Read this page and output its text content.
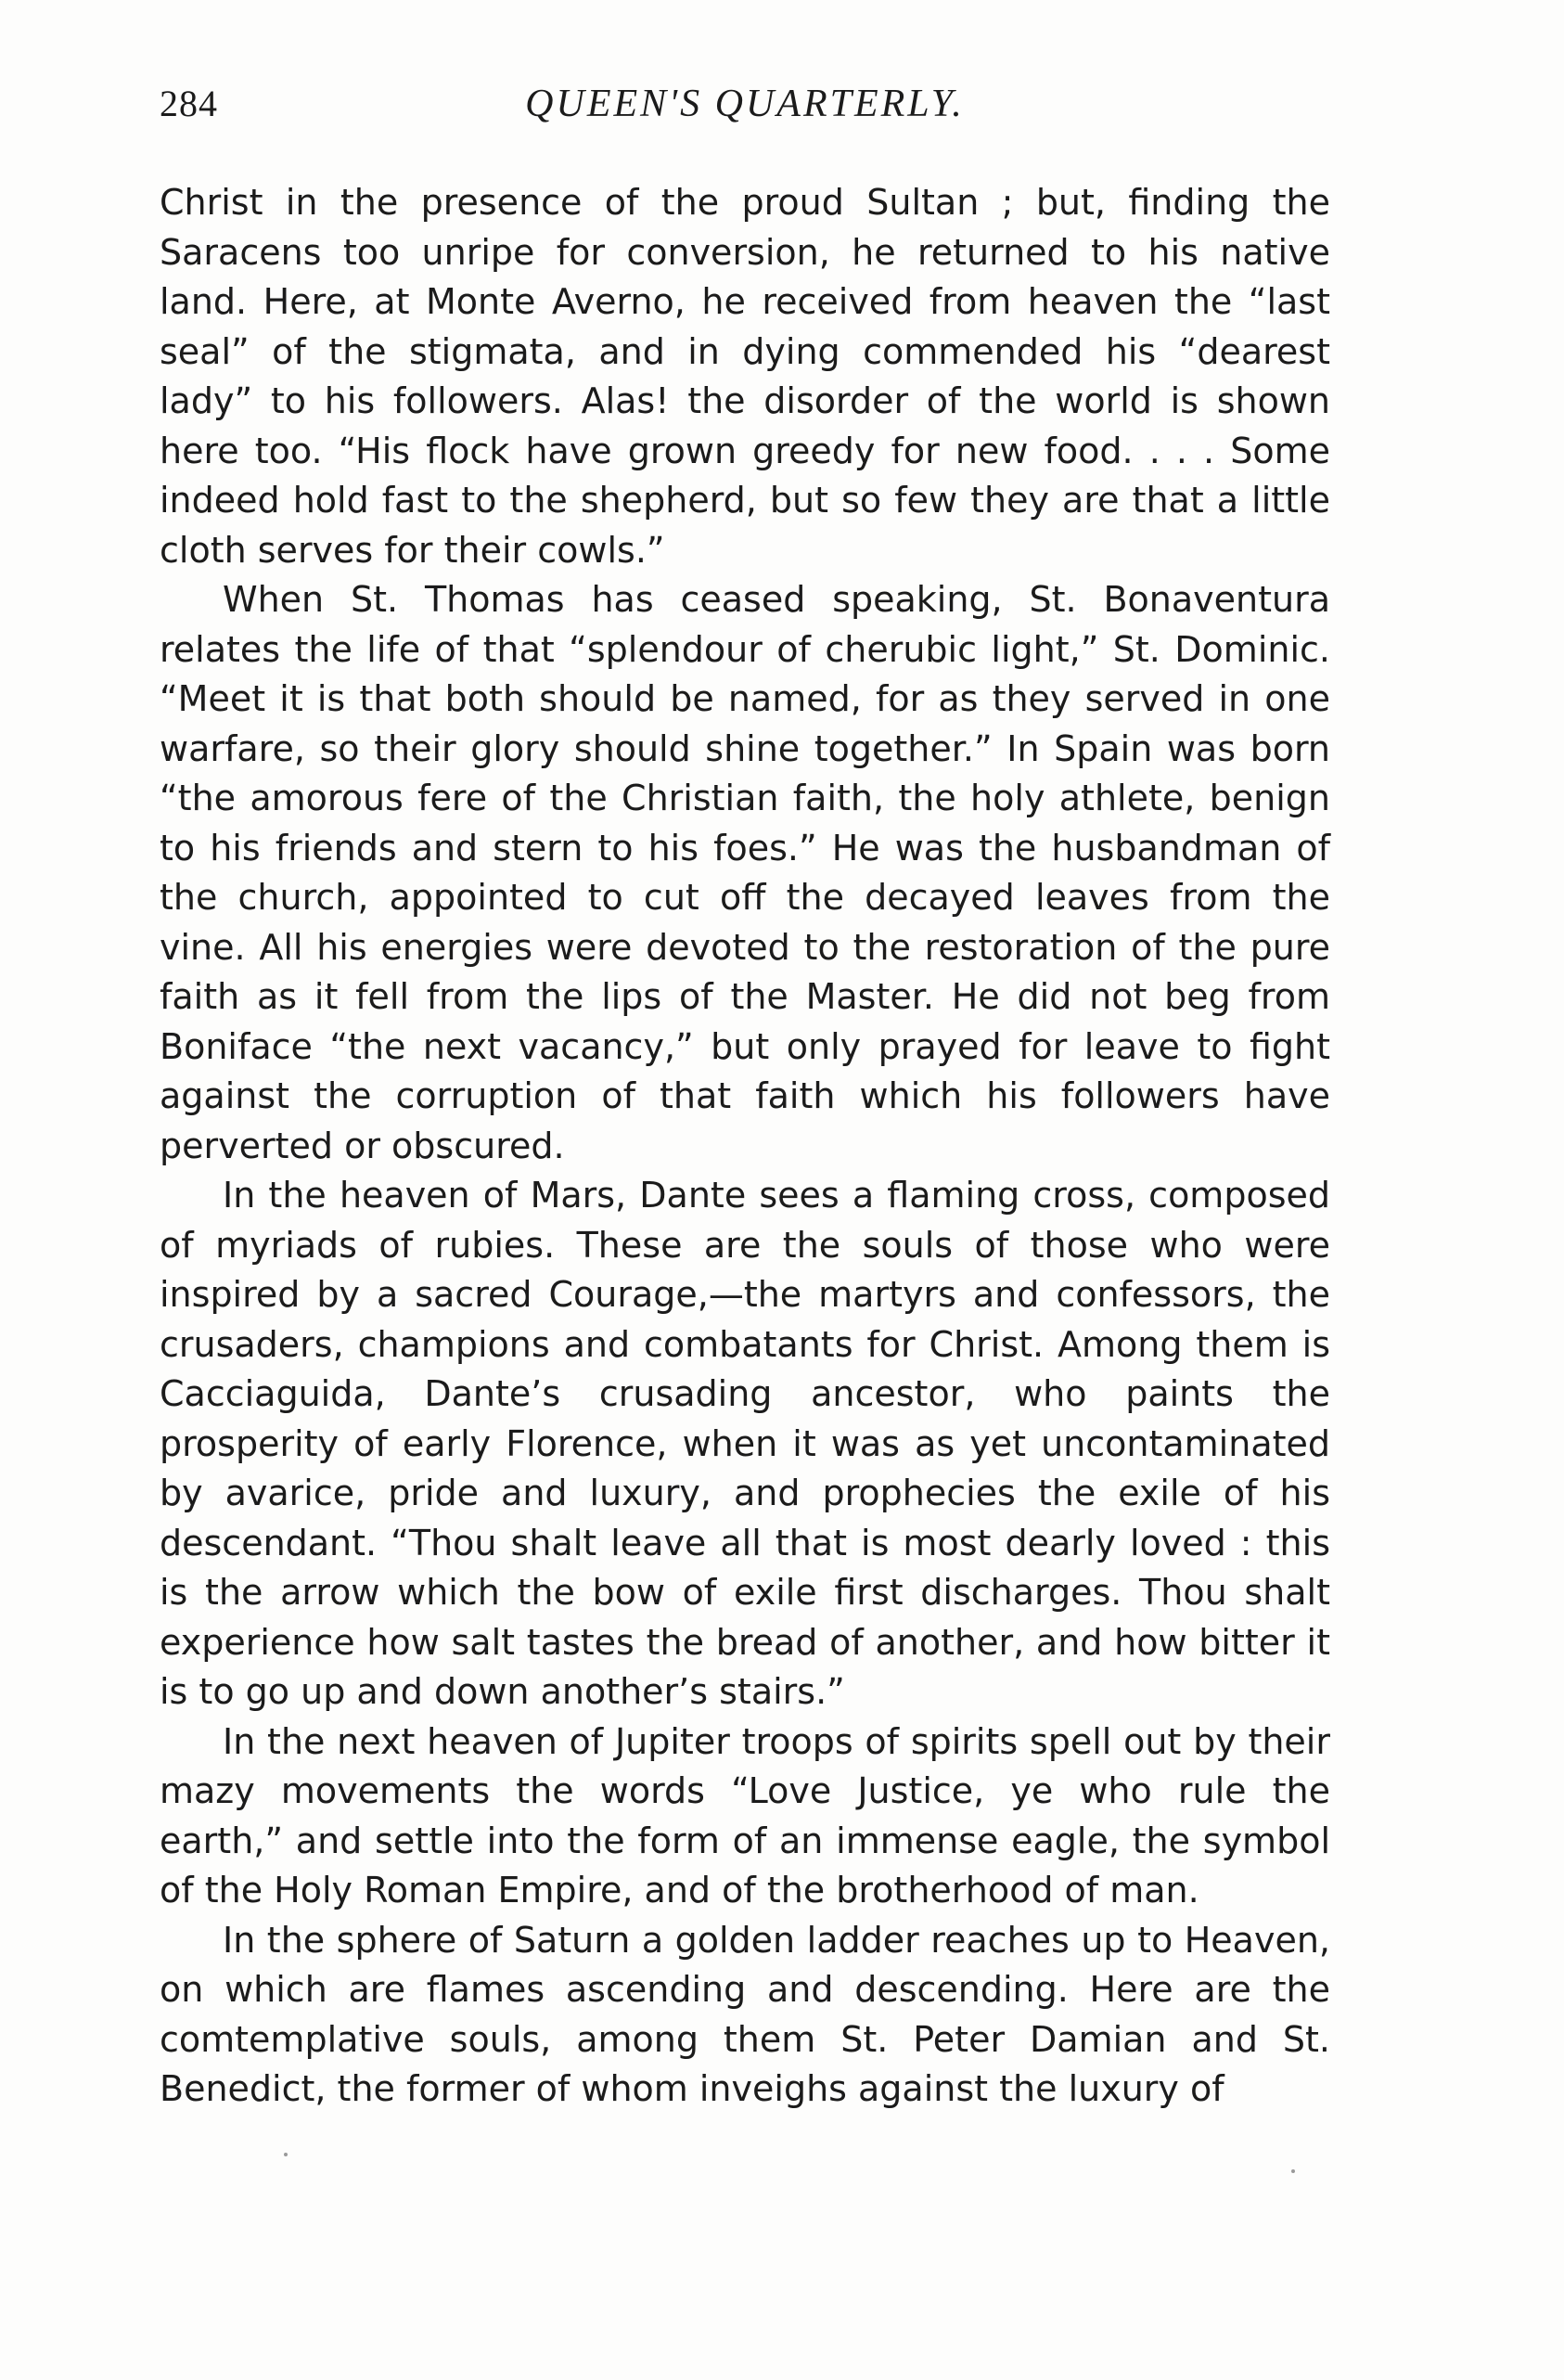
284	QUEEN'S QUARTERLY.

Christ in the presence of the proud Sultan ; but, finding the Saracens too unripe for conversion, he returned to his native land. Here, at Monte Averno, he received from heaven the “last seal” of the stigmata, and in dying commended his “dearest lady” to his followers. Alas! the disorder of the world is shown here too. “His flock have grown greedy for new food. . . . Some indeed hold fast to the shepherd, but so few they are that a little cloth serves for their cowls.”

When St. Thomas has ceased speaking, St. Bonaventura relates the life of that “splendour of cherubic light,” St. Dominic. “Meet it is that both should be named, for as they served in one warfare, so their glory should shine together.” In Spain was born “the amorous fere of the Christian faith, the holy athlete, benign to his friends and stern to his foes.” He was the husbandman of the church, appointed to cut off the decayed leaves from the vine. All his energies were devoted to the restoration of the pure faith as it fell from the lips of the Master. He did not beg from Boniface “the next vacancy,” but only prayed for leave to fight against the corruption of that faith which his followers have perverted or obscured.

In the heaven of Mars, Dante sees a flaming cross, composed of myriads of rubies. These are the souls of those who were inspired by a sacred Courage,—the martyrs and confessors, the crusaders, champions and combatants for Christ. Among them is Cacciaguida, Dante’s crusading ancestor, who paints the prosperity of early Florence, when it was as yet uncontaminated by avarice, pride and luxury, and prophecies the exile of his descendant. “Thou shalt leave all that is most dearly loved : this is the arrow which the bow of exile first discharges. Thou shalt experience how salt tastes the bread of another, and how bitter it is to go up and down another’s stairs.”

In the next heaven of Jupiter troops of spirits spell out by their mazy movements the words “Love Justice, ye who rule the earth,” and settle into the form of an immense eagle, the symbol of the Holy Roman Empire, and of the brotherhood of man.

In the sphere of Saturn a golden ladder reaches up to Heaven, on which are flames ascending and descending. Here are the comtemplative souls, among them St. Peter Damian and St. Benedict, the former of whom inveighs against the luxury of
